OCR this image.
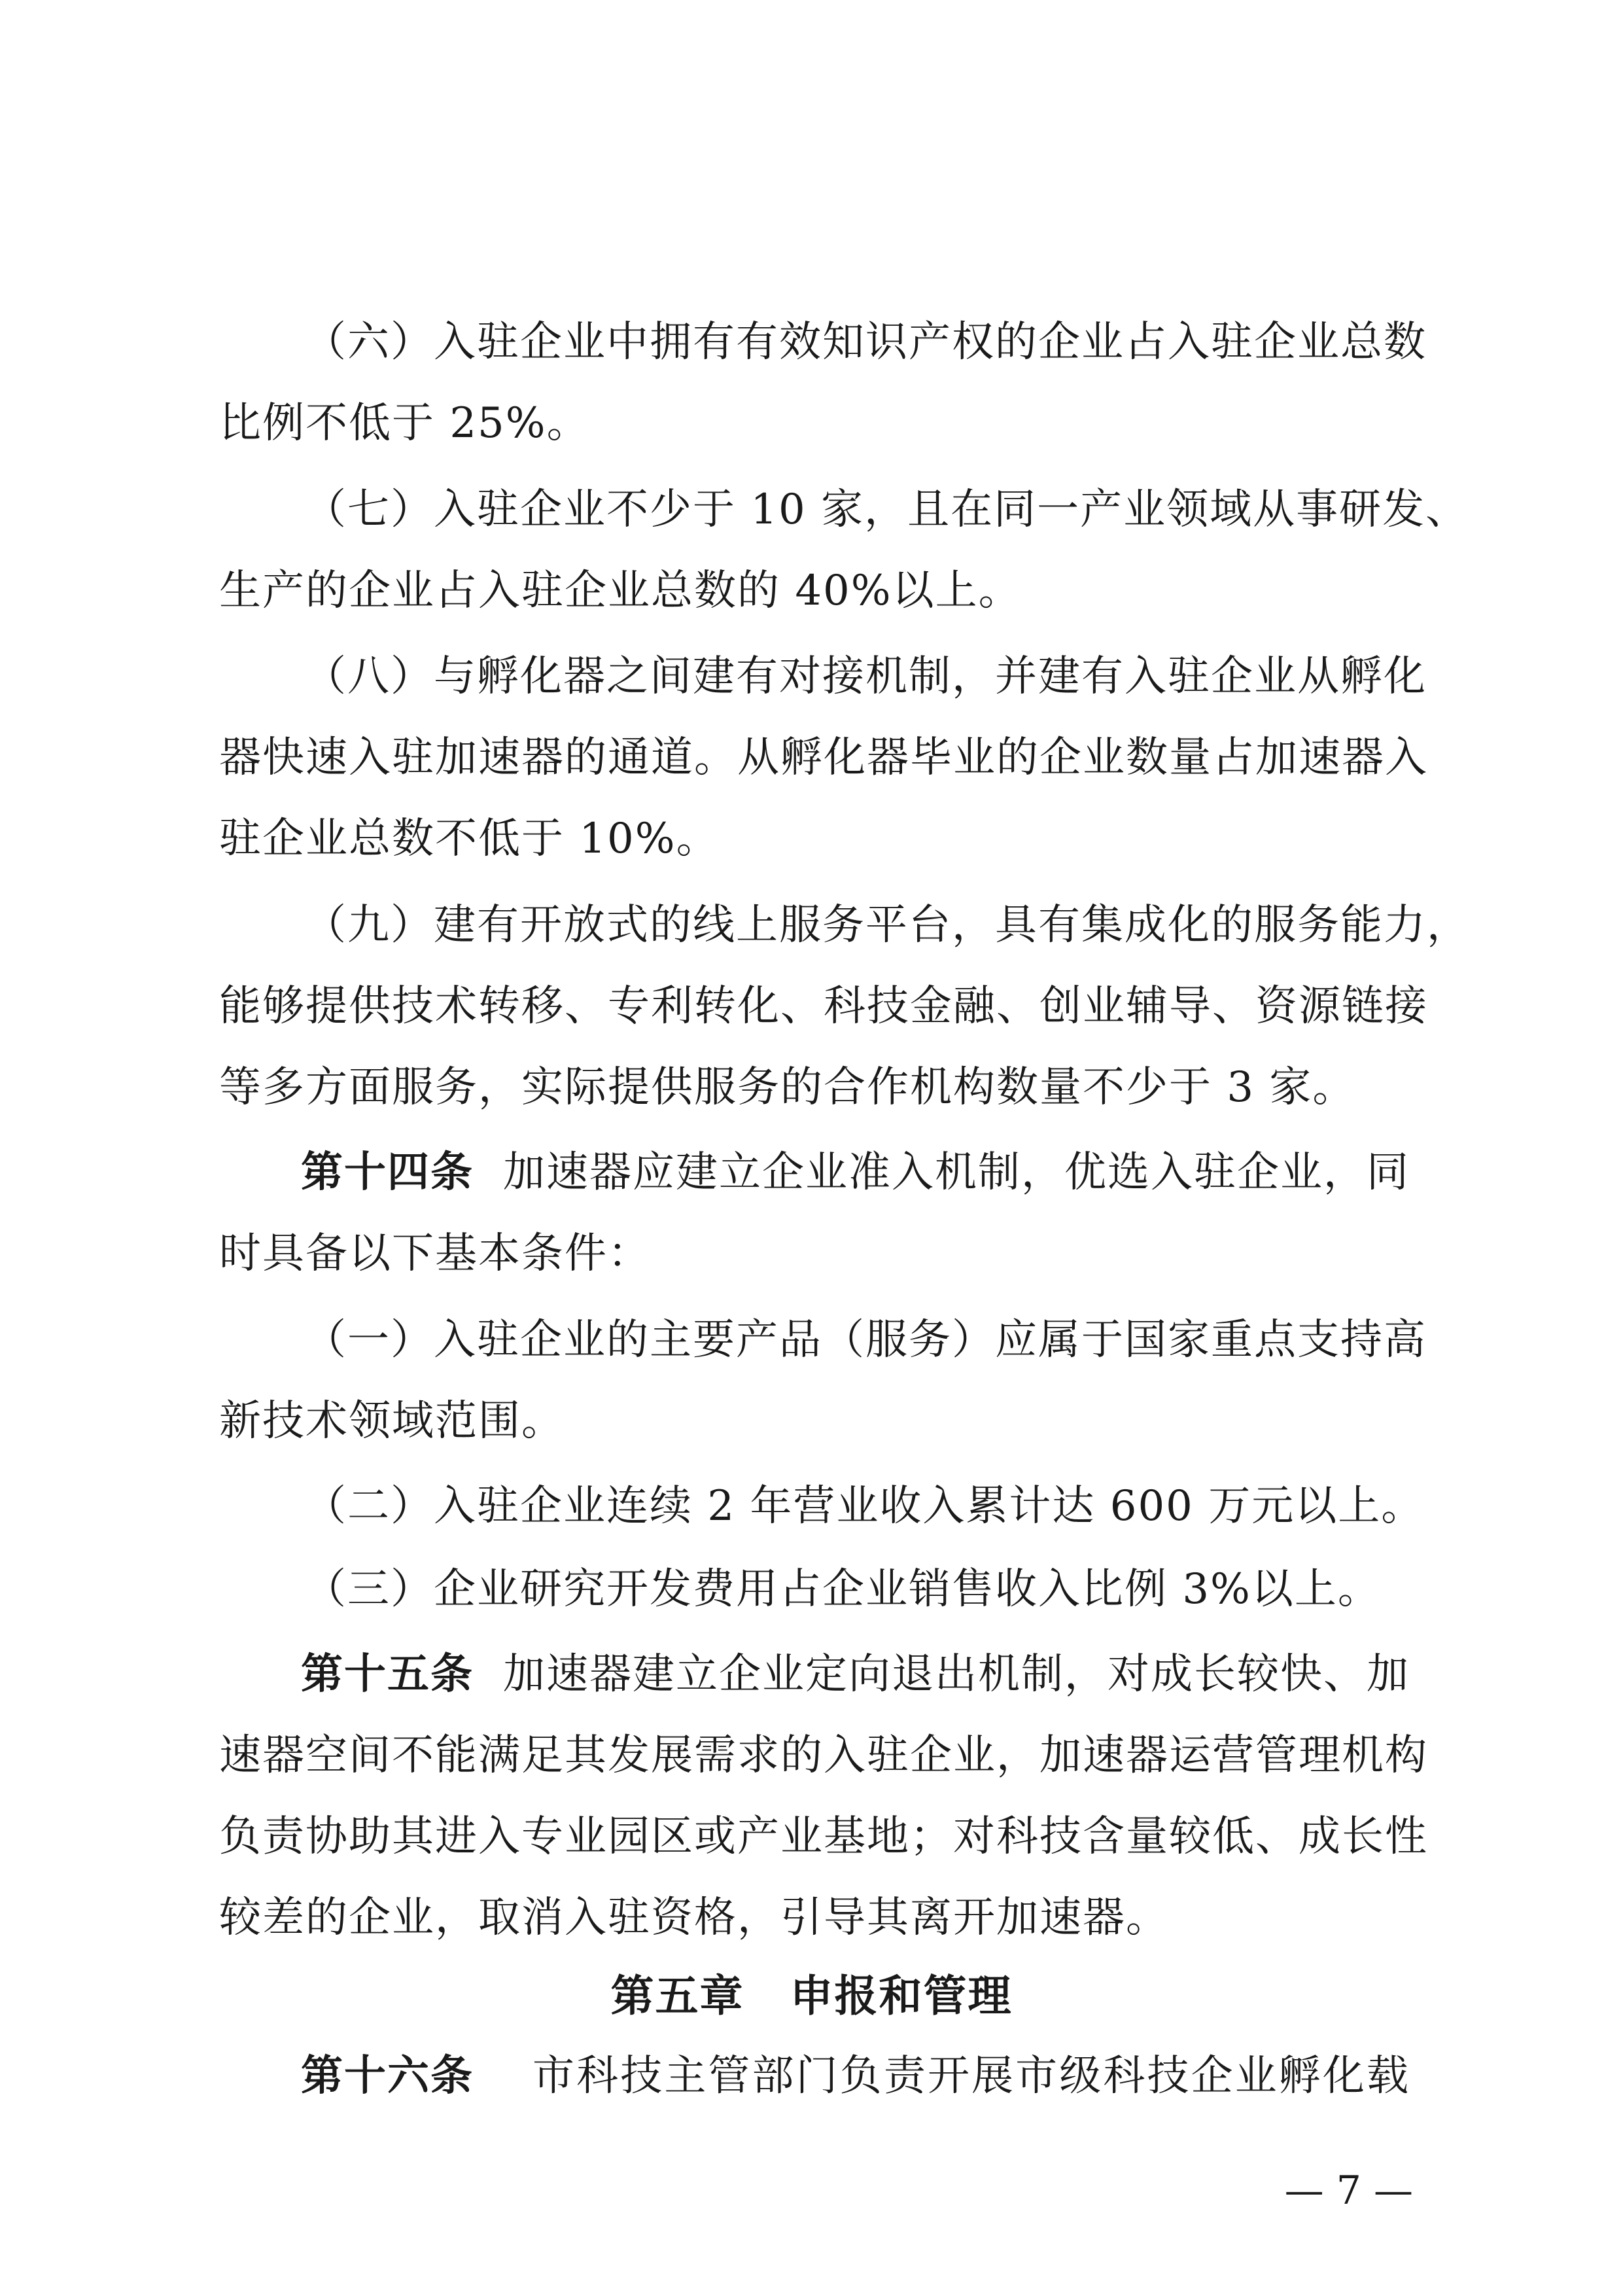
（六）入驻企业中拥有有效知识产权的企业占入驻企业总数
比例不低于 25%。
（七）入驻企业不少于 10 家，且在同一产业领域从事研发、
生产的企业占入驻企业总数的 40%以上。
（八）与孵化器之间建有对接机制，并建有入驻企业从孵化
器快速入驻加速器的通道。从孵化器毕业的企业数量占加速器入
驻企业总数不低于 10%。
（九）建有开放式的线上服务平台，具有集成化的服务能力，
能够提供技术转移、专利转化、科技金融、创业辅导、资源链接
等多方面服务，实际提供服务的合作机构数量不少于 3 家。
第十四条 加速器应建立企业准入机制，优选入驻企业，同
时具备以下基本条件：
（一）入驻企业的主要产品（服务）应属于国家重点支持高
新技术领域范围。
（二）入驻企业连续 2 年营业收入累计达 600 万元以上。
（三）企业研究开发费用占企业销售收入比例 3%以上。
第十五条 加速器建立企业定向退出机制，对成长较快、加
速器空间不能满足其发展需求的入驻企业，加速器运营管理机构
负责协助其进入专业园区或产业基地；对科技含量较低、成长性
较差的企业，取消入驻资格，引导其离开加速器。
第五章 申报和管理
第十六条 市科技主管部门负责开展市级科技企业孵化载
— 7 —
